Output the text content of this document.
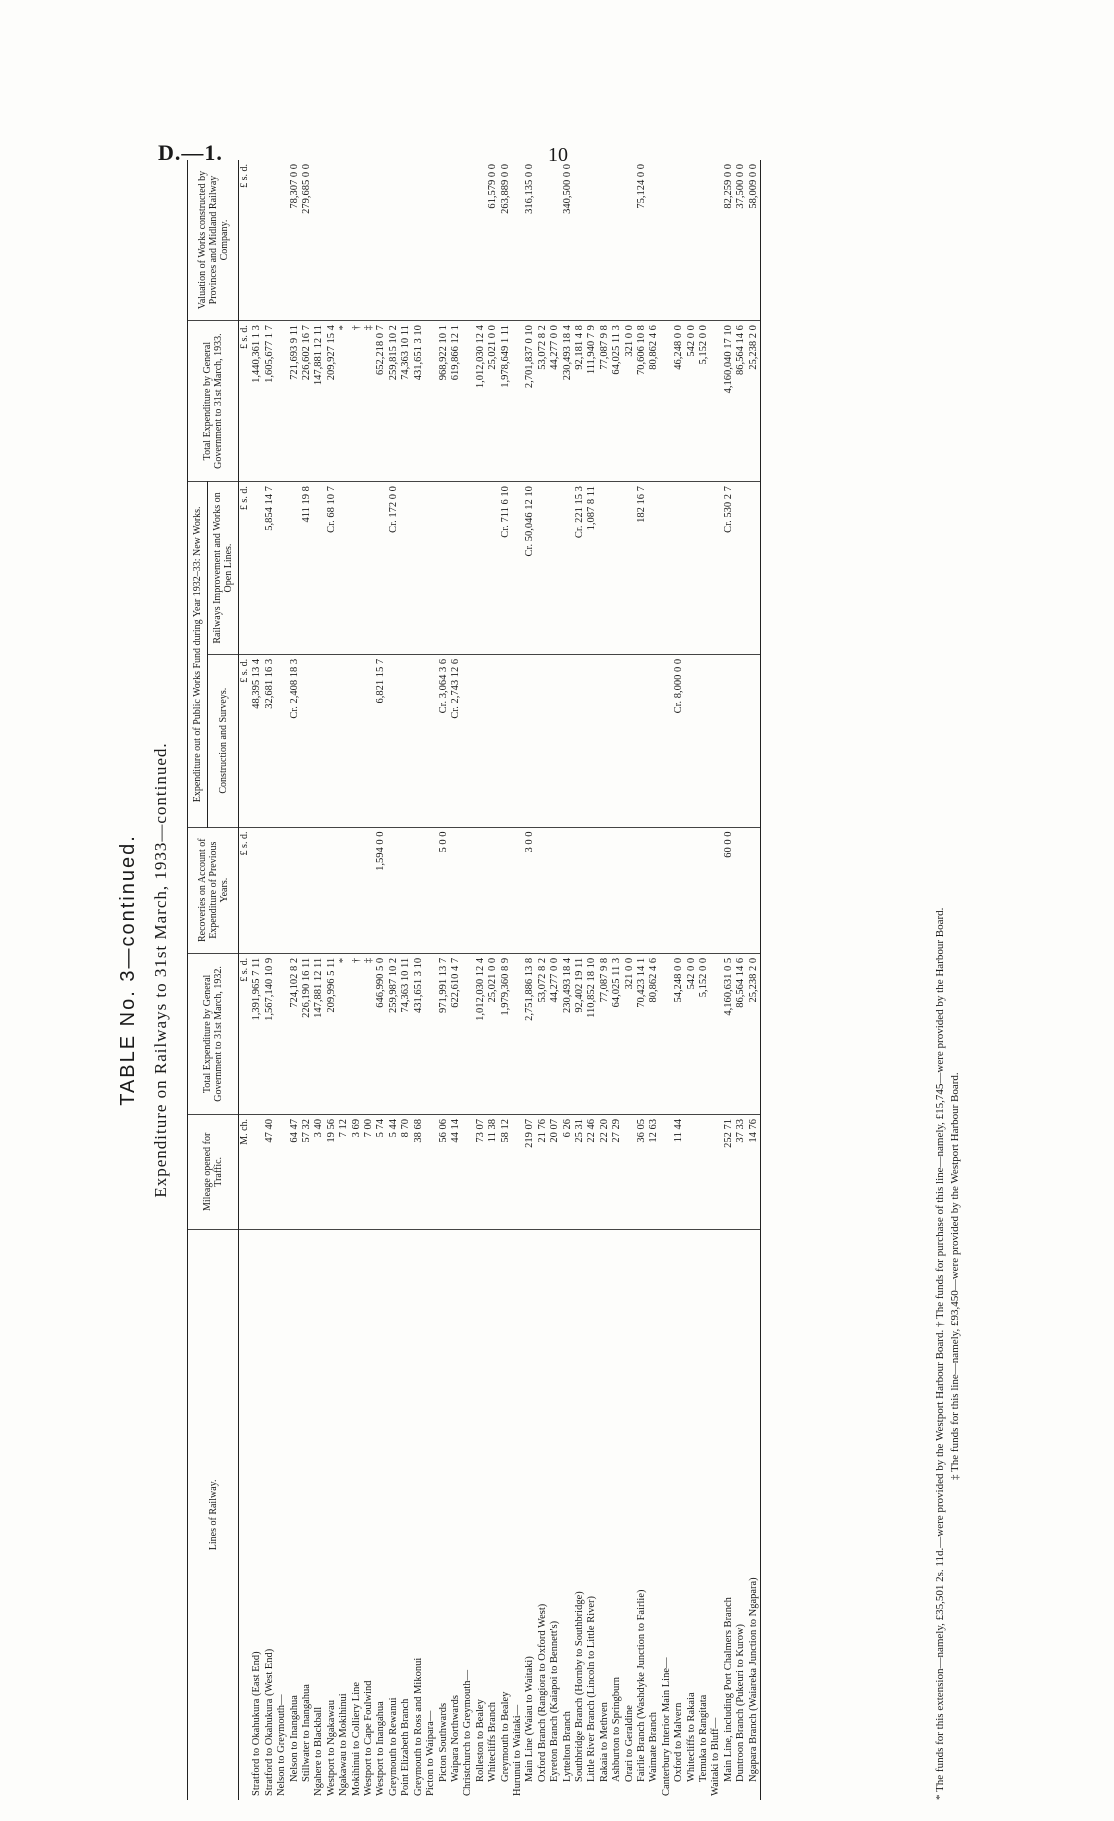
D.—1.	10
TABLE No. 3—continued. Expenditure on Railways to 31st March, 1933—continued.
Lines of Railway.	Mileage opened for Traffic.	Total Expenditure by General Government to 31st March, 1932.	Recoveries on Account of Expenditure of Previous Years.	Expenditure out of Public Works Fund during Year 1932–33: New Works.		Total Expenditure by General Government to 31st March, 1933.	Valuation of Works constructed by Provinces and Midland Railway Company.
				Construction and Surveys.	Railways Improvement and Works on Open Lines.		
	M. ch.	£ s. d.	£ s. d.	£ s. d.	£ s. d.	£ s. d.	£ s. d.
Stratford to Okahukura (East End)		1,391,965 7 11		48,395 13 4		1,440,361 1 3	
Stratford to Okahukura (West End)	47 40	1,567,140 10 9		32,681 16 3	5,854 14 7	1,605,677 1 7	
Nelson to Greymouth—							
Nelson to Inangahua	64 47	724,102 8 2		Cr. 2,408 18 3		721,693 9 11	78,307 0 0
Stillwater to Inangahua	57 32	226,190 16 11			411 19 8	226,602 16 7	279,685 0 0
Ngahere to Blackball	3 40	147,881 12 11				147,881 12 11	
Westport to Ngakawau	19 56	209,996 5 11			Cr. 68 10 7	209,927 15 4	
Ngakawau to Mokihinui	7 12	*				*	
Mokihinui to Colliery Line	3 69	†				†	
Westport to Cape Foulwind	7 00	‡				‡	
Westport to Inangahua	5 74	646,990 5 0	1,594 0 0	6,821 15 7		652,218 0 7	
Greymouth to Rewanui	5 44	259,987 10 2			Cr. 172 0 0	259,815 10 2	
Point Elizabeth Branch	8 70	74,363 10 11				74,363 10 11	
Greymouth to Ross and Mikonui	38 68	431,651 3 10				431,651 3 10	
Picton to Waipara—							
Picton Southwards	56 06	971,991 13 7	5 0 0	Cr. 3,064 3 6		968,922 10 1	
Waipara Northwards	44 14	622,610 4 7		Cr. 2,743 12 6		619,866 12 1	
Christchurch to Greymouth—							
Rolleston to Bealey	73 07	1,012,030 12 4				1,012,030 12 4	
Whitecliffs Branch	11 38	25,021 0 0				25,021 0 0	61,579 0 0
Greymouth to Bealey	58 12	1,979,360 8 9			Cr. 711 6 10	1,978,649 1 11	263,889 0 0
Hurunui to Waitaki—							
Main Line (Waiau to Waitaki)	219 07	2,751,886 13 8	3 0 0		Cr. 50,046 12 10	2,701,837 0 10	316,135 0 0
Oxford Branch (Rangiora to Oxford West)	21 76	53,072 8 2				53,072 8 2	
Eyreton Branch (Kaiapoi to Bennett's)	20 07	44,277 0 0				44,277 0 0	
Lyttelton Branch	6 26	230,493 18 4				230,493 18 4	340,500 0 0
Southbridge Branch (Hornby to Southbridge)	25 31	92,402 19 11			Cr. 221 15 3	92,181 4 8	
Little River Branch (Lincoln to Little River)	22 46	110,852 18 10			1,087 8 11	111,940 7 9	
Rakaia to Methven	22 20	77,087 9 8				77,087 9 8	
Ashburton to Springburn	27 29	64,025 11 3				64,025 11 3	
Orari to Geraldine		321 0 0				321 0 0	
Fairlie Branch (Washdyke Junction to Fairlie)	36 05	70,423 14 1			182 16 7	70,606 10 8	75,124 0 0
Waimate Branch	12 63	80,862 4 6				80,862 4 6	
Canterbury Interior Main Line—							
Oxford to Malvern	11 44	54,248 0 0		Cr. 8,000 0 0		46,248 0 0	
Whitecliffs to Rakaia		542 0 0				542 0 0	
Temuka to Rangitata		5,152 0 0				5,152 0 0	
Waitaki to Bluff—							
Main Line, including Port Chalmers Branch	252 71	4,160,631 0 5	60 0 0		Cr. 530 2 7	4,160,040 17 10	82,259 0 0
Duntroon Branch (Pukeuri to Kurow)	37 33	86,564 14 6				86,564 14 6	37,500 0 0
Ngapara Branch (Waiareka Junction to Ngapara)	14 76	25,238 2 0				25,238 2 0	58,009 0 0

* The funds for this extension—namely, £35,501 2s. 11d.—were provided by the Westport Harbour Board. † The funds for purchase of this line—namely, £15,745—were provided by the Harbour Board. ‡ The funds for this line—namely, £93,450—were provided by the Westport Harbour Board.
